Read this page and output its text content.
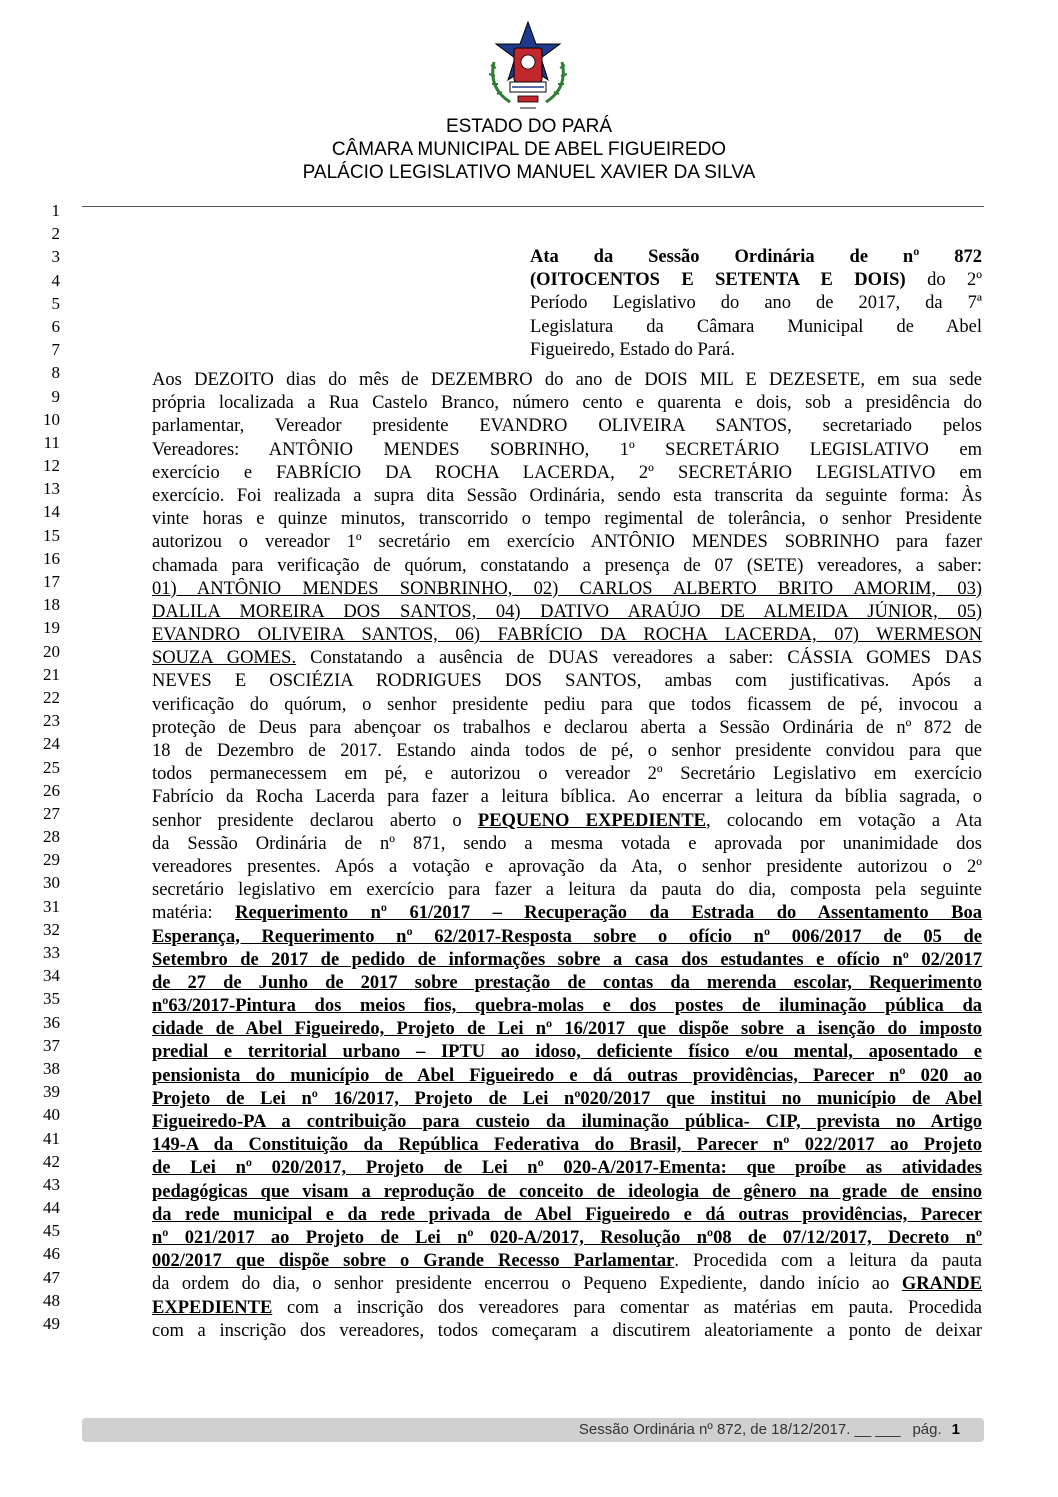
ESTADO DO PARÁ
CÂMARA MUNICIPAL DE ABEL FIGUEIREDO
PALÁCIO LEGISLATIVO MANUEL XAVIER DA SILVA
1
2
3
4
5
6
7
8
9
10
11
12
13
14
15
16
17
18
19
20
21
22
23
24
25
26
27
28
29
30
31
32
33
34
35
36
37
38
39
40
41
42
43
44
45
46
47
48
49
Ata da Sessão Ordinária de nº 872
(OITOCENTOS E SETENTA E DOIS) do 2º
Período Legislativo do ano de 2017, da 7ª
Legislatura da Câmara Municipal de Abel
Figueiredo, Estado do Pará.
Aos DEZOITO dias do mês de DEZEMBRO do ano de DOIS MIL E DEZESETE, em sua sede
própria localizada a Rua Castelo Branco, número cento e quarenta e dois, sob a presidência do
parlamentar, Vereador presidente EVANDRO OLIVEIRA SANTOS, secretariado pelos
Vereadores: ANTÔNIO MENDES SOBRINHO, 1º SECRETÁRIO LEGISLATIVO em
exercício e FABRÍCIO DA ROCHA LACERDA, 2º SECRETÁRIO LEGISLATIVO em
exercício. Foi realizada a supra dita Sessão Ordinária, sendo esta transcrita da seguinte forma: Às
vinte horas e quinze minutos, transcorrido o tempo regimental de tolerância, o senhor Presidente
autorizou o vereador 1º secretário em exercício ANTÔNIO MENDES SOBRINHO para fazer
chamada para verificação de quórum, constatando a presença de 07 (SETE) vereadores, a saber:
01) ANTÔNIO MENDES SONBRINHO, 02) CARLOS ALBERTO BRITO AMORIM, 03)
DALILA MOREIRA DOS SANTOS, 04) DATIVO ARAÚJO DE ALMEIDA JÚNIOR, 05)
EVANDRO OLIVEIRA SANTOS, 06) FABRÍCIO DA ROCHA LACERDA, 07) WERMESON
SOUZA GOMES. Constatando a ausência de DUAS vereadores a saber: CÁSSIA GOMES DAS
NEVES E OSCIÉZIA RODRIGUES DOS SANTOS, ambas com justificativas. Após a
verificação do quórum, o senhor presidente pediu para que todos ficassem de pé, invocou a
proteção de Deus para abençoar os trabalhos e declarou aberta a Sessão Ordinária de nº 872 de
18 de Dezembro de 2017. Estando ainda todos de pé, o senhor presidente convidou para que
todos permanecessem em pé, e autorizou o vereador 2º Secretário Legislativo em exercício
Fabrício da Rocha Lacerda para fazer a leitura bíblica. Ao encerrar a leitura da bíblia sagrada, o
senhor presidente declarou aberto o PEQUENO EXPEDIENTE, colocando em votação a Ata
da Sessão Ordinária de nº 871, sendo a mesma votada e aprovada por unanimidade dos
vereadores presentes. Após a votação e aprovação da Ata, o senhor presidente autorizou o 2º
secretário legislativo em exercício para fazer a leitura da pauta do dia, composta pela seguinte
matéria: Requerimento nº 61/2017 – Recuperação da Estrada do Assentamento Boa
Esperança, Requerimento nº 62/2017-Resposta sobre o ofício nº 006/2017 de 05 de
Setembro de 2017 de pedido de informações sobre a casa dos estudantes e ofício nº 02/2017
de 27 de Junho de 2017 sobre prestação de contas da merenda escolar, Requerimento
nº63/2017-Pintura dos meios fios, quebra-molas e dos postes de iluminação pública da
cidade de Abel Figueiredo, Projeto de Lei nº 16/2017 que dispõe sobre a isenção do imposto
predial e territorial urbano – IPTU ao idoso, deficiente físico e/ou mental, aposentado e
pensionista do município de Abel Figueiredo e dá outras providências, Parecer nº 020 ao
Projeto de Lei nº 16/2017, Projeto de Lei nº020/2017 que institui no município de Abel
Figueiredo-PA a contribuição para custeio da iluminação pública- CIP, prevista no Artigo
149-A da Constituição da República Federativa do Brasil, Parecer nº 022/2017 ao Projeto
de Lei nº 020/2017, Projeto de Lei nº 020-A/2017-Ementa: que proíbe as atividades
pedagógicas que visam a reprodução de conceito de ideologia de gênero na grade de ensino
da rede municipal e da rede privada de Abel Figueiredo e dá outras providências, Parecer
nº 021/2017 ao Projeto de Lei nº 020-A/2017, Resolução nº08 de 07/12/2017, Decreto nº
002/2017 que dispõe sobre o Grande Recesso Parlamentar. Procedida com a leitura da pauta
da ordem do dia, o senhor presidente encerrou o Pequeno Expediente, dando início ao GRANDE
EXPEDIENTE com a inscrição dos vereadores para comentar as matérias em pauta. Procedida
com a inscrição dos vereadores, todos começaram a discutirem aleatoriamente a ponto de deixar
Sessão Ordinária nº 872, de 18/12/2017. __ ___ pág. 1
